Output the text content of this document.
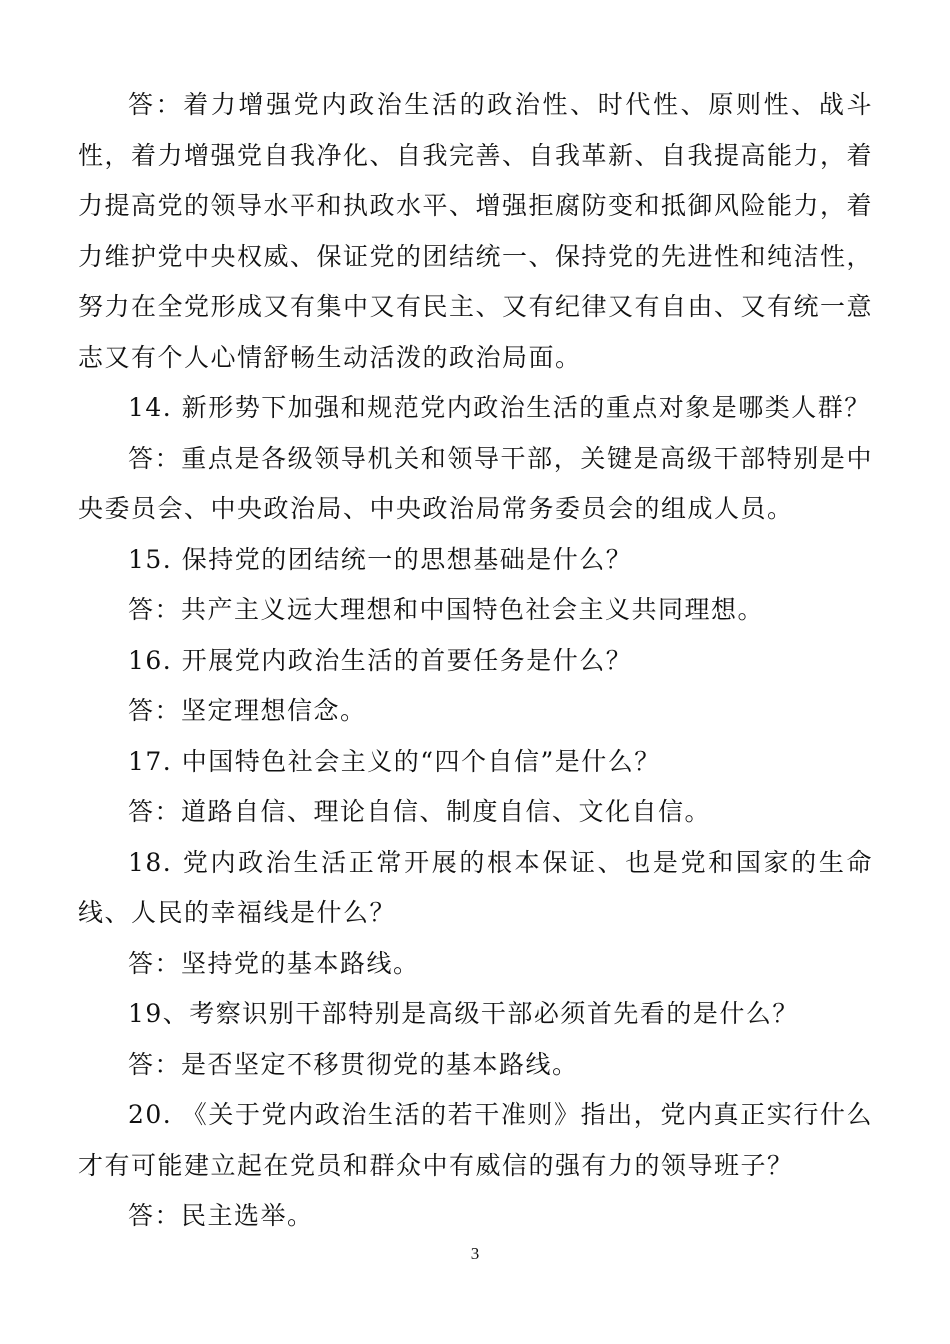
答：着力增强党内政治生活的政治性、时代性、原则性、战斗性，着力增强党自我净化、自我完善、自我革新、自我提高能力，着力提高党的领导水平和执政水平、增强拒腐防变和抵御风险能力，着力维护党中央权威、保证党的团结统一、保持党的先进性和纯洁性，努力在全党形成又有集中又有民主、又有纪律又有自由、又有统一意志又有个人心情舒畅生动活泼的政治局面。

14. 新形势下加强和规范党内政治生活的重点对象是哪类人群？

答：重点是各级领导机关和领导干部，关键是高级干部特别是中央委员会、中央政治局、中央政治局常务委员会的组成人员。

15. 保持党的团结统一的思想基础是什么？

答：共产主义远大理想和中国特色社会主义共同理想。

16. 开展党内政治生活的首要任务是什么？

答：坚定理想信念。

17. 中国特色社会主义的“四个自信”是什么？

答：道路自信、理论自信、制度自信、文化自信。

18. 党内政治生活正常开展的根本保证、也是党和国家的生命线、人民的幸福线是什么？

答：坚持党的基本路线。

19、考察识别干部特别是高级干部必须首先看的是什么？

答：是否坚定不移贯彻党的基本路线。

20. 《关于党内政治生活的若干准则》指出，党内真正实行什么才有可能建立起在党员和群众中有威信的强有力的领导班子？

答：民主选举。

3
